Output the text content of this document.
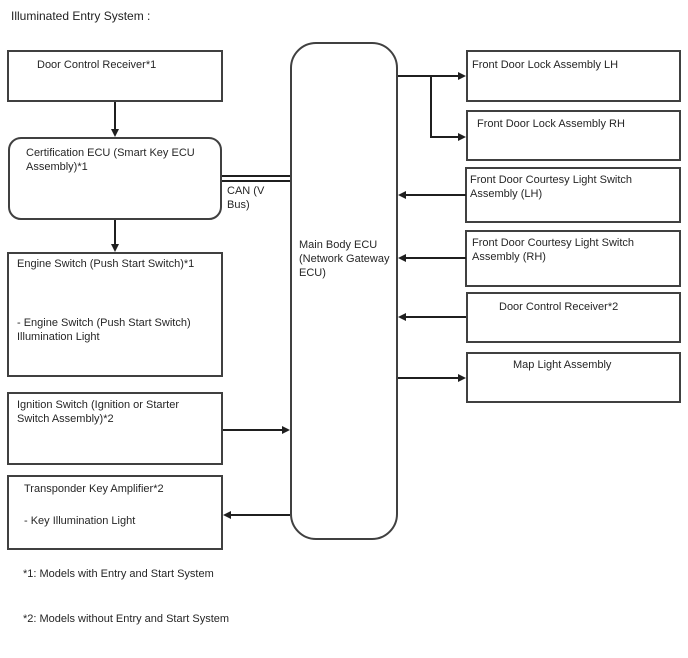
Illuminated Entry System :
Door Control Receiver*1
Certification ECU (Smart Key ECU Assembly)*1
Engine Switch (Push Start Switch)*1
- Engine Switch (Push Start Switch) Illumination Light
Ignition Switch (Ignition or Starter Switch Assembly)*2
Transponder Key Amplifier*2
- Key Illumination Light
Main Body ECU (Network Gateway ECU)
Front Door Lock Assembly LH
Front Door Lock Assembly RH
Front Door Courtesy Light Switch Assembly (LH)
Front Door Courtesy Light Switch Assembly (RH)
Door Control Receiver*2
Map Light Assembly
CAN (V Bus)
*1: Models with Entry and Start System
*2: Models without Entry and Start System
